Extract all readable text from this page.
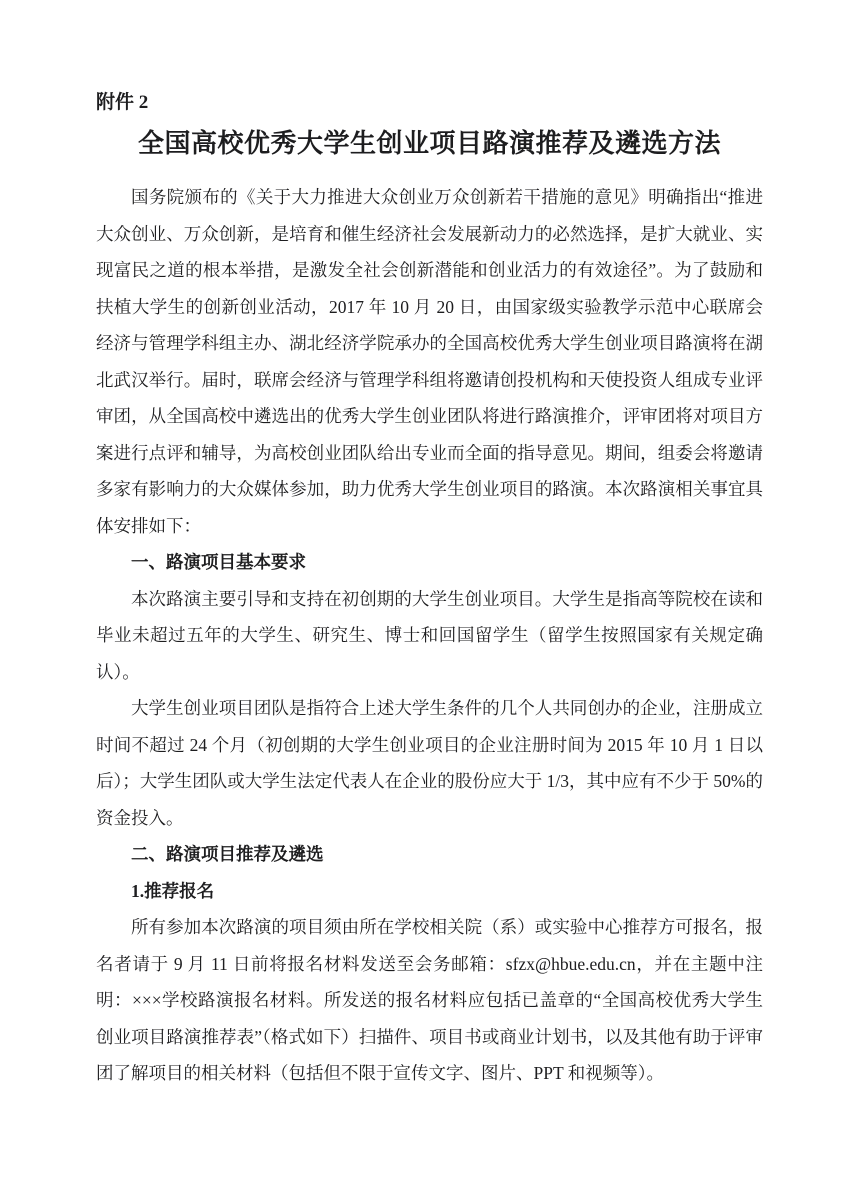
附件 2

全国高校优秀大学生创业项目路演推荐及遴选方法

国务院颁布的《关于大力推进大众创业万众创新若干措施的意见》明确指出“推进大众创业、万众创新，是培育和催生经济社会发展新动力的必然选择，是扩大就业、实现富民之道的根本举措，是激发全社会创新潜能和创业活力的有效途径”。为了鼓励和扶植大学生的创新创业活动，2017 年 10 月 20 日，由国家级实验教学示范中心联席会经济与管理学科组主办、湖北经济学院承办的全国高校优秀大学生创业项目路演将在湖北武汉举行。届时，联席会经济与管理学科组将邀请创投机构和天使投资人组成专业评审团，从全国高校中遴选出的优秀大学生创业团队将进行路演推介，评审团将对项目方案进行点评和辅导，为高校创业团队给出专业而全面的指导意见。期间，组委会将邀请多家有影响力的大众媒体参加，助力优秀大学生创业项目的路演。本次路演相关事宜具体安排如下：

一、路演项目基本要求

本次路演主要引导和支持在初创期的大学生创业项目。大学生是指高等院校在读和毕业未超过五年的大学生、研究生、博士和回国留学生（留学生按照国家有关规定确认）。

大学生创业项目团队是指符合上述大学生条件的几个人共同创办的企业，注册成立时间不超过 24 个月（初创期的大学生创业项目的企业注册时间为 2015 年 10 月 1 日以后）；大学生团队或大学生法定代表人在企业的股份应大于 1/3，其中应有不少于 50%的资金投入。

二、路演项目推荐及遴选
1.推荐报名

所有参加本次路演的项目须由所在学校相关院（系）或实验中心推荐方可报名，报名者请于 9 月 11 日前将报名材料发送至会务邮箱：sfzx@hbue.edu.cn，并在主题中注明：×××学校路演报名材料。所发送的报名材料应包括已盖章的“全国高校优秀大学生创业项目路演推荐表”（格式如下）扫描件、项目书或商业计划书，以及其他有助于评审团了解项目的相关材料（包括但不限于宣传文字、图片、PPT 和视频等）。
